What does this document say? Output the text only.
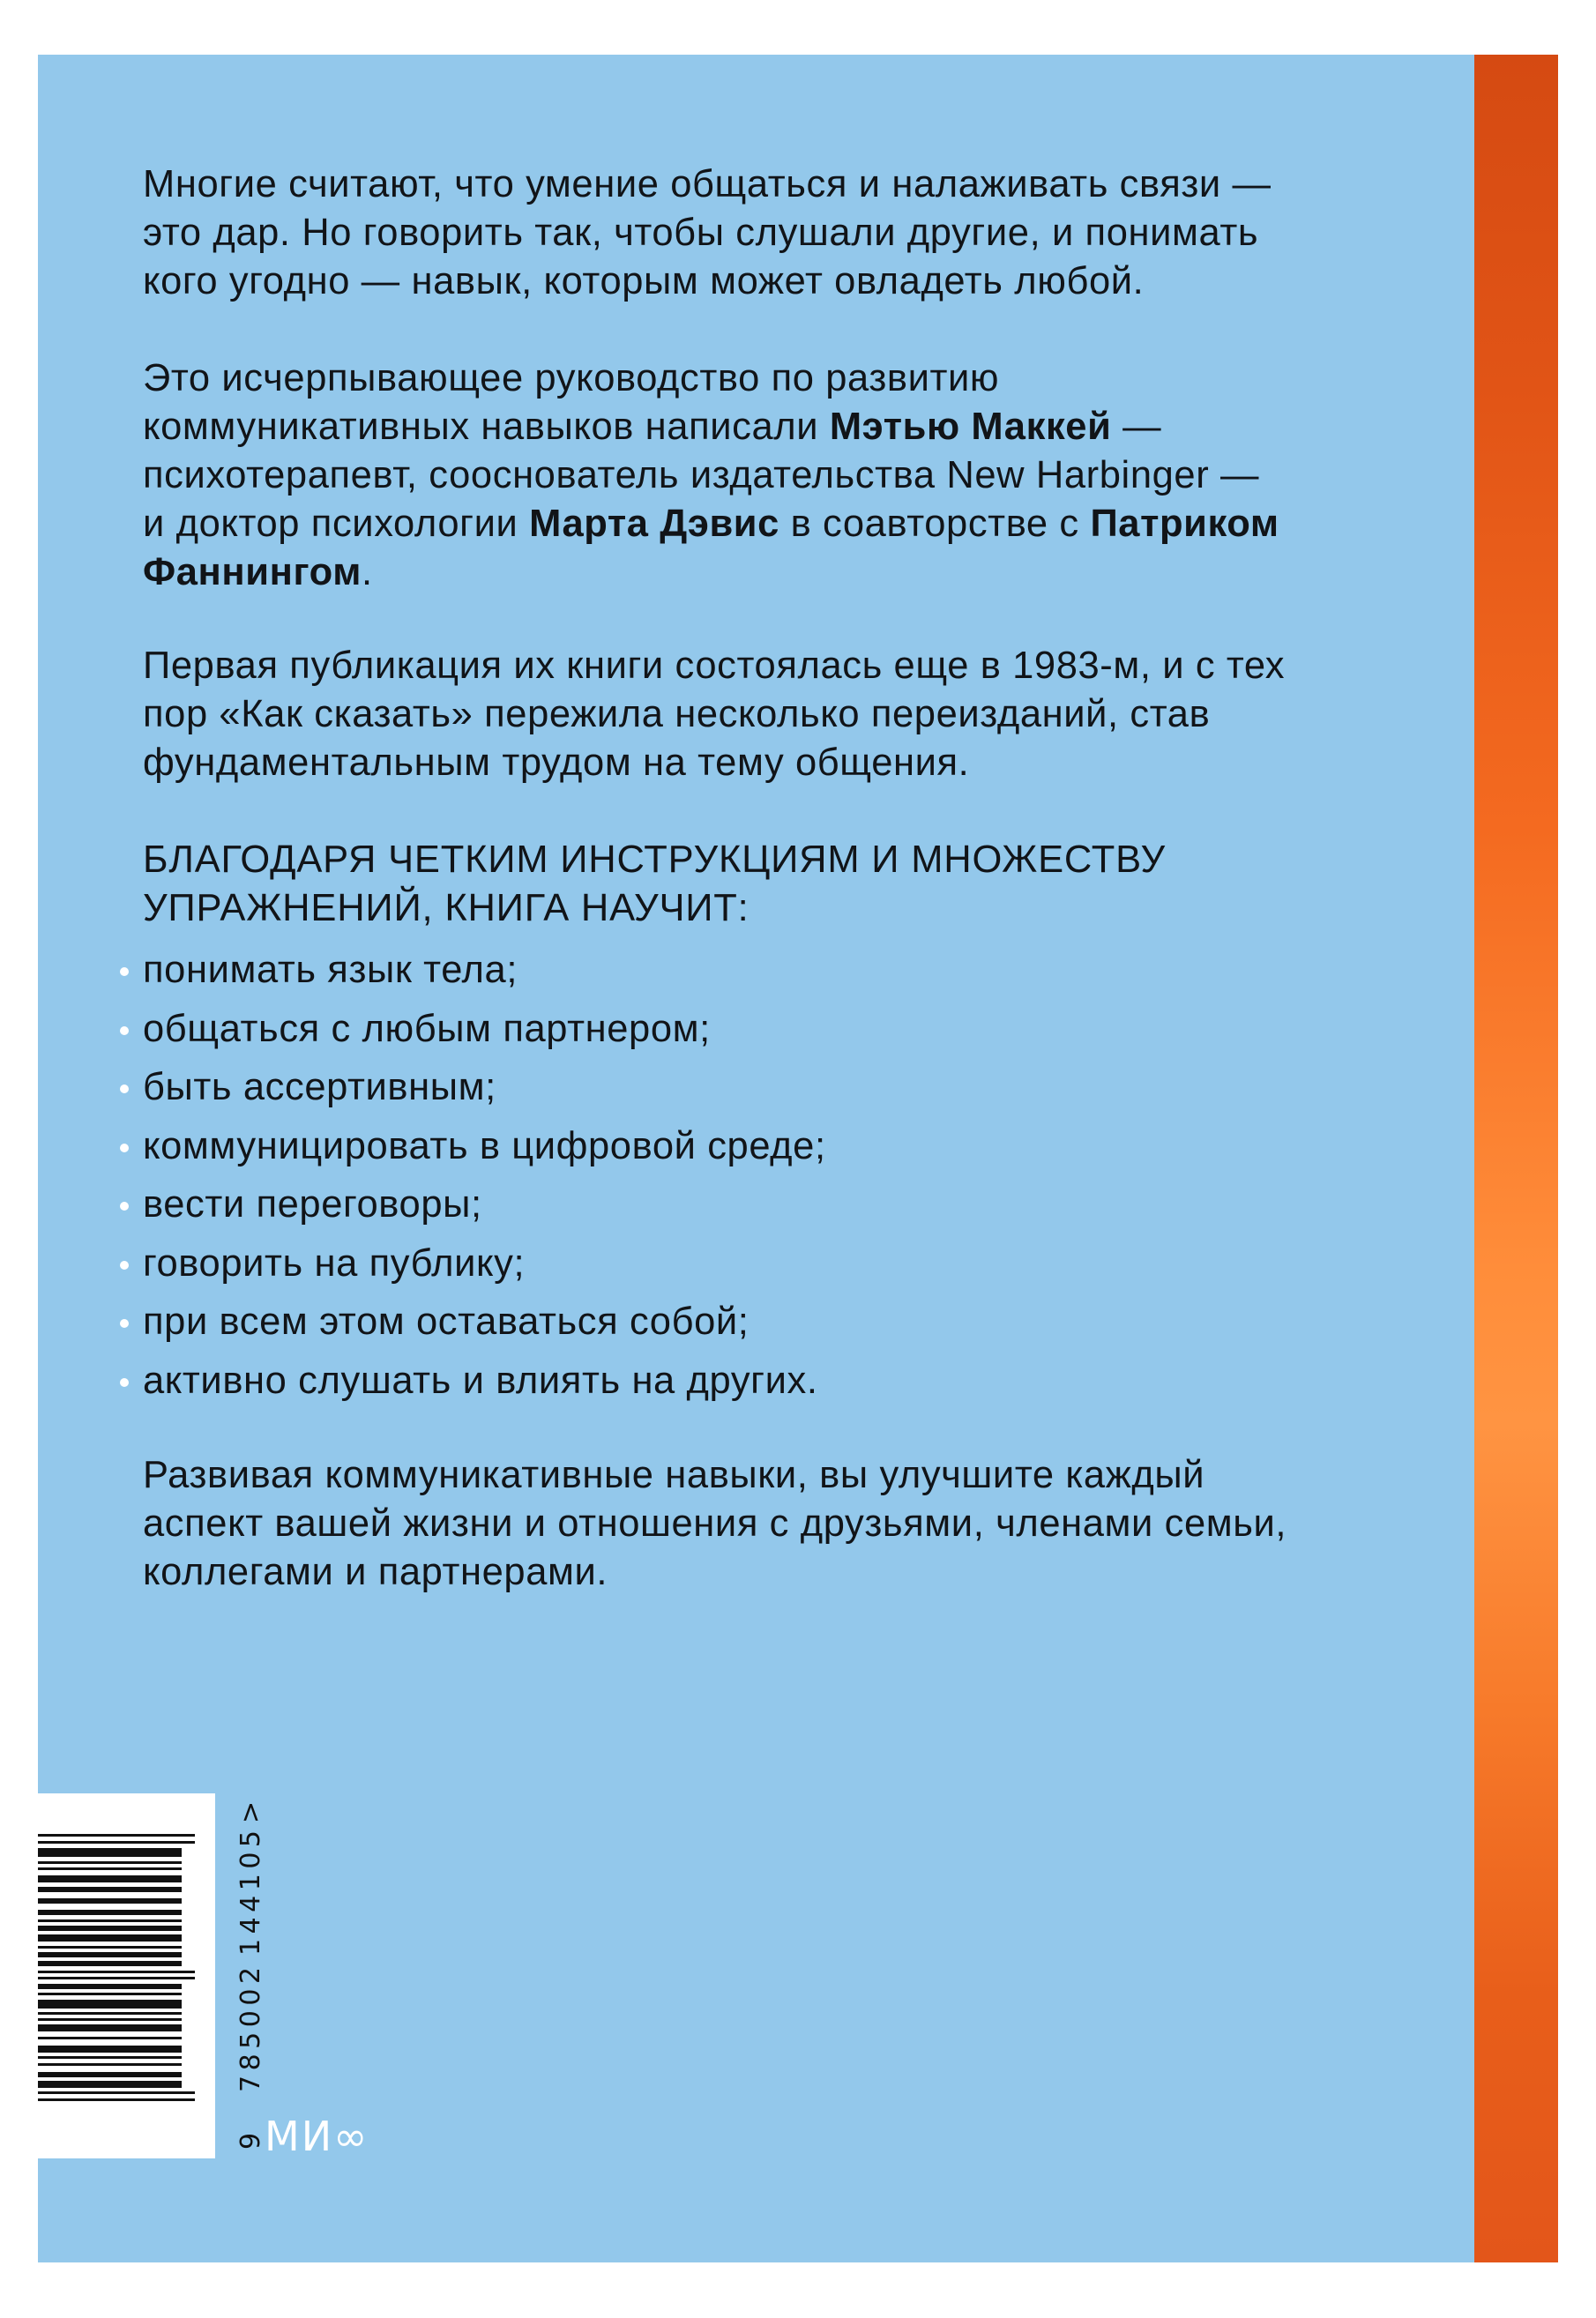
Многие считают, что умение общаться и налаживать связи —
это дар. Но говорить так, чтобы слушали другие, и понимать
кого угодно — навык, которым может овладеть любой.

Это исчерпывающее руководство по развитию
коммуникативных навыков написали Мэтью Маккей —
психотерапевт, сооснователь издательства New Harbinger —
и доктор психологии Марта Дэвис в соавторстве с Патриком
Фаннингом.

Первая публикация их книги состоялась еще в 1983-м, и с тех
пор «Как сказать» пережила несколько переизданий, став
фундаментальным трудом на тему общения.

БЛАГОДАРЯ ЧЕТКИМ ИНСТРУКЦИЯМ И МНОЖЕСТВУ
УПРАЖНЕНИЙ, КНИГА НАУЧИТ:
понимать язык тела;
общаться с любым партнером;
быть ассертивным;
коммуницировать в цифровой среде;
вести переговоры;
говорить на публику;
при всем этом оставаться собой;
активно слушать и влиять на других.

Развивая коммуникативные навыки, вы улучшите каждый
аспект вашей жизни и отношения с друзьями, членами семьи,
коллегами и партнерами.

9
785002
144105
>
МИ∞
